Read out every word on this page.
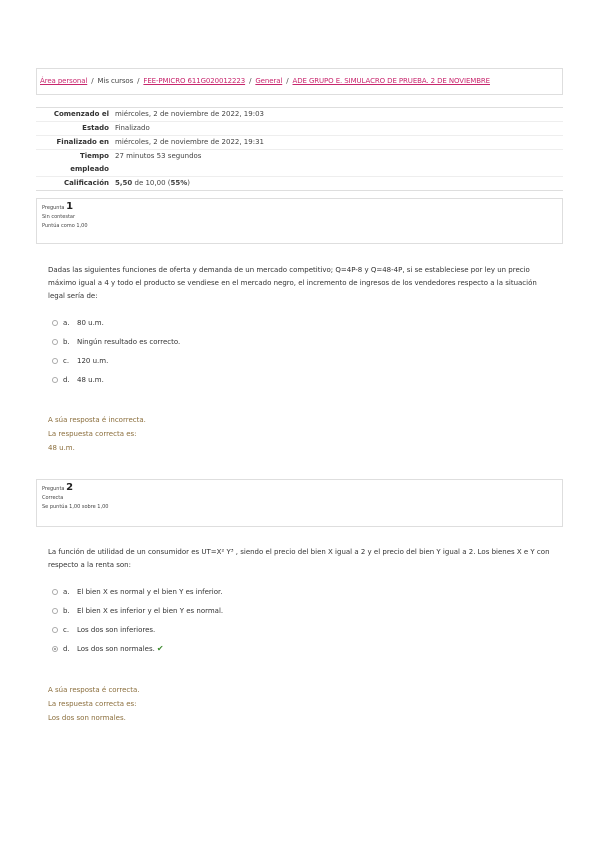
Área personal / Mis cursos / FEE-PMICRO 611G020012223 / General / ADE GRUPO E. SIMULACRO DE PRUEBA. 2 DE NOVIEMBRE
Comenzado el miércoles, 2 de noviembre de 2022, 19:03
Estado Finalizado
Finalizado en miércoles, 2 de noviembre de 2022, 19:31
Tiempo empleado
27 minutos 53 segundos
Calificación 5,50 de 10,00 (55%)
Pregunta 1
Sin contestar
Puntúa como 1,00
Dadas las siguientes funciones de oferta y demanda de un mercado competitivo; Q=4P-8 y Q=48-4P, si se estableciese por ley un precio máximo igual a 4 y todo el producto se vendiese en el mercado negro, el incremento de ingresos de los vendedores respecto a la situación legal sería de:
a.	80 u.m.
b.	Ningún resultado es correcto.
c.	120 u.m.
d.	48 u.m.
A súa resposta é incorrecta.
La respuesta correcta es:
48 u.m.
Pregunta 2
Correcta
Se puntúa 1,00 sobre 1,00
La función de utilidad de un consumidor es UT=X² Y³ , siendo el precio del bien X igual a 2 y el precio del bien Y igual a 2. Los bienes X e Y con respecto a la renta son:
a.	El bien X es normal y el bien Y es inferior.
b.	El bien X es inferior y el bien Y es normal.
c.	Los dos son inferiores.
d.	Los dos son normales. ✔
A súa resposta é correcta.
La respuesta correcta es:
Los dos son normales.
